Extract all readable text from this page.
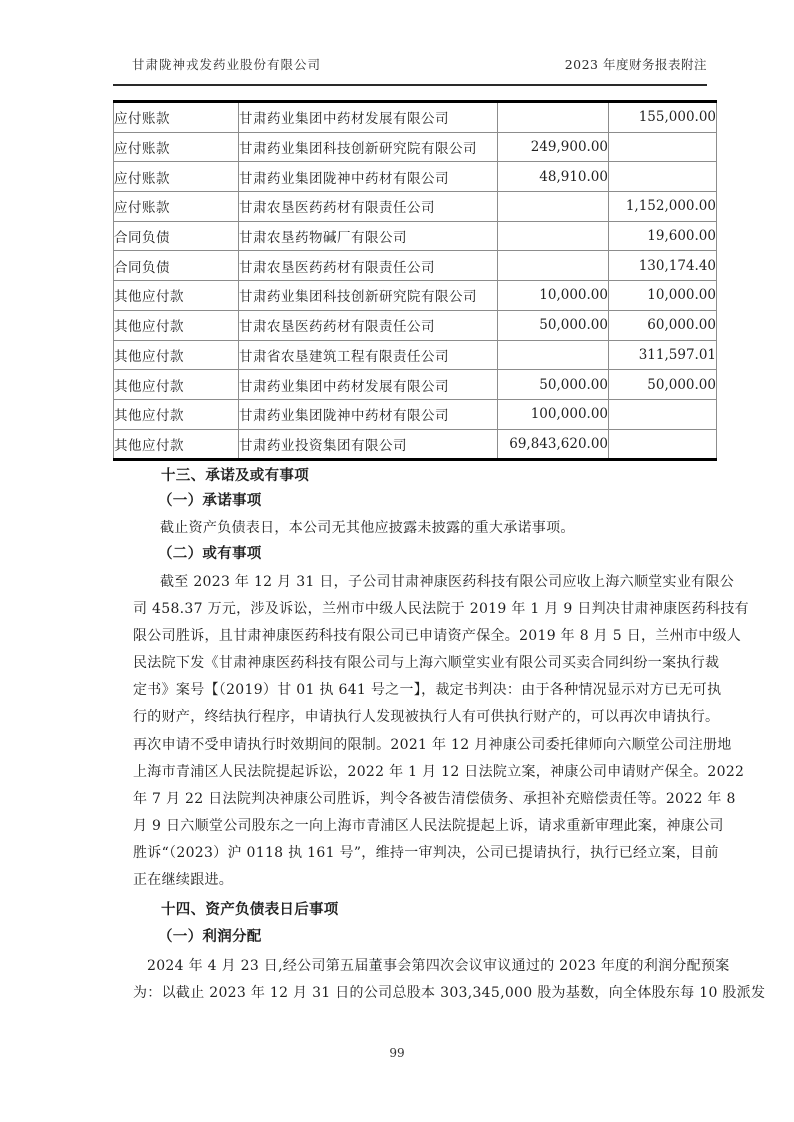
甘肃陇神戎发药业股份有限公司	2023 年度财务报表附注
应付账款	甘肃药业集团中药材发展有限公司		155,000.00
应付账款	甘肃药业集团科技创新研究院有限公司	249,900.00	
应付账款	甘肃药业集团陇神中药材有限公司	48,910.00	
应付账款	甘肃农垦医药药材有限责任公司		1,152,000.00
合同负债	甘肃农垦药物碱厂有限公司		19,600.00
合同负债	甘肃农垦医药药材有限责任公司		130,174.40
其他应付款	甘肃药业集团科技创新研究院有限公司	10,000.00	10,000.00
其他应付款	甘肃农垦医药药材有限责任公司	50,000.00	60,000.00
其他应付款	甘肃省农垦建筑工程有限责任公司		311,597.01
其他应付款	甘肃药业集团中药材发展有限公司	50,000.00	50,000.00
其他应付款	甘肃药业集团陇神中药材有限公司	100,000.00	
其他应付款	甘肃药业投资集团有限公司	69,843,620.00	
十三、承诺及或有事项
（一）承诺事项
截止资产负债表日，本公司无其他应披露未披露的重大承诺事项。
（二）或有事项
截至 2023 年 12 月 31 日，子公司甘肃神康医药科技有限公司应收上海六顺堂实业有限公
司 458.37 万元，涉及诉讼，兰州市中级人民法院于 2019 年 1 月 9 日判决甘肃神康医药科技有
限公司胜诉，且甘肃神康医药科技有限公司已申请资产保全。2019 年 8 月 5 日，兰州市中级人
民法院下发《甘肃神康医药科技有限公司与上海六顺堂实业有限公司买卖合同纠纷一案执行裁
定书》案号【（2019）甘 01 执 641 号之一】，裁定书判决：由于各种情况显示对方已无可执
行的财产，终结执行程序，申请执行人发现被执行人有可供执行财产的，可以再次申请执行。
再次申请不受申请执行时效期间的限制。2021 年 12 月神康公司委托律师向六顺堂公司注册地
上海市青浦区人民法院提起诉讼，2022 年 1 月 12 日法院立案，神康公司申请财产保全。2022
年 7 月 22 日法院判决神康公司胜诉，判令各被告清偿债务、承担补充赔偿责任等。2022 年 8
月 9 日六顺堂公司股东之一向上海市青浦区人民法院提起上诉，请求重新审理此案，神康公司
胜诉“（2023）沪 0118 执 161 号”，维持一审判决，公司已提请执行，执行已经立案，目前
正在继续跟进。
十四、资产负债表日后事项
（一）利润分配
2024 年 4 月 23 日,经公司第五届董事会第四次会议审议通过的 2023 年度的利润分配预案
为：以截止 2023 年 12 月 31 日的公司总股本 303,345,000 股为基数，向全体股东每 10 股派发
99
